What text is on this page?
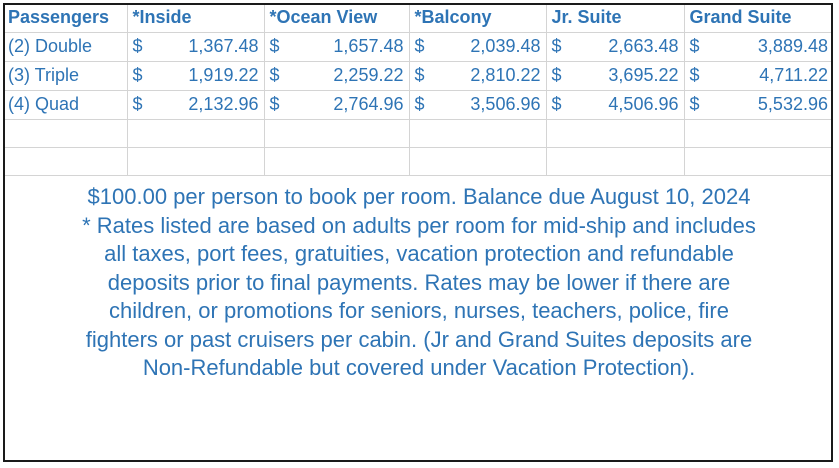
Passengers	*Inside	*Ocean View	*Balcony	Jr. Suite	Grand Suite
(2) Double	$ 1,367.48	$ 1,657.48	$ 2,039.48	$ 2,663.48	$ 3,889.48

(3) Triple	$ 1,919.22	$ 2,259.22	$ 2,810.22	$ 3,695.22	$ 4,711.22

(4) Quad	$ 2,132.96	$ 2,764.96	$ 3,506.96	$ 4,506.96	$ 5,532.96

$100.00 per person to book per room. Balance due August 10, 2024
* Rates listed are based on adults per room for mid-ship and includes
all taxes, port fees, gratuities, vacation protection and refundable
deposits prior to final payments. Rates may be lower if there are
children, or promotions for seniors, nurses, teachers, police, fire
fighters or past cruisers per cabin. (Jr and Grand Suites deposits are
Non-Refundable but covered under Vacation Protection).
